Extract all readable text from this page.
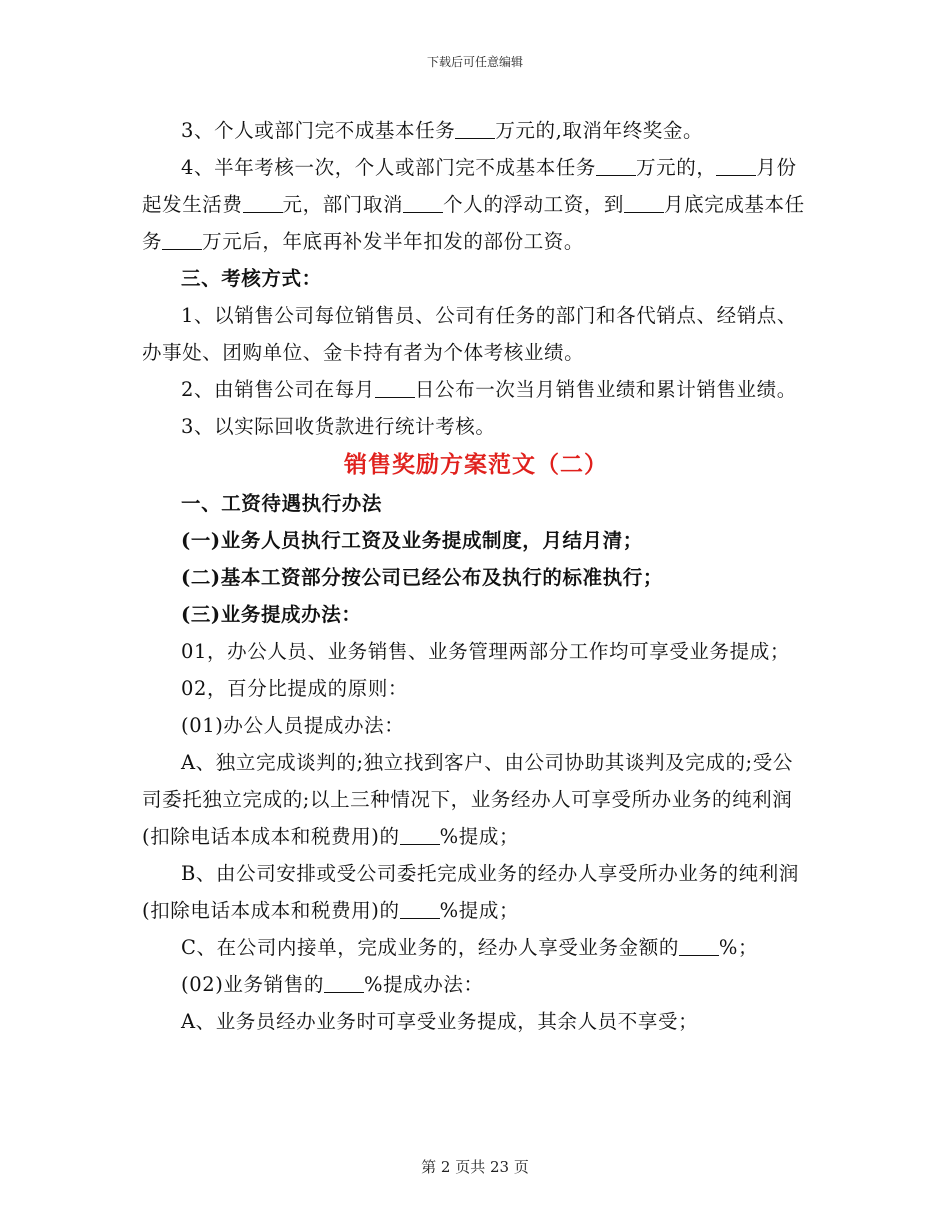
下载后可任意编辑

3、个人或部门完不成基本任务 万元的,取消年终奖金。

4、半年考核一次，个人或部门完不成基本任务 万元的， 月份起发生活费 元，部门取消 个人的浮动工资，到 月底完成基本任务 万元后，年底再补发半年扣发的部份工资。

三、考核方式：

1、以销售公司每位销售员、公司有任务的部门和各代销点、经销点、办事处、团购单位、金卡持有者为个体考核业绩。

2、由销售公司在每月 日公布一次当月销售业绩和累计销售业绩。

3、以实际回收货款进行统计考核。

销售奖励方案范文（二）

一、工资待遇执行办法

(一)业务人员执行工资及业务提成制度，月结月清；

(二)基本工资部分按公司已经公布及执行的标准执行；

(三)业务提成办法：

01，办公人员、业务销售、业务管理两部分工作均可享受业务提成；

02，百分比提成的原则：

(01)办公人员提成办法：

A、独立完成谈判的;独立找到客户、由公司协助其谈判及完成的;受公司委托独立完成的;以上三种情况下，业务经办人可享受所办业务的纯利润(扣除电话本成本和税费用)的 %提成；

B、由公司安排或受公司委托完成业务的经办人享受所办业务的纯利润(扣除电话本成本和税费用)的 %提成；

C、在公司内接单，完成业务的，经办人享受业务金额的 %；

(02)业务销售的 %提成办法：

A、业务员经办业务时可享受业务提成，其余人员不享受；

第 2 页共 23 页
